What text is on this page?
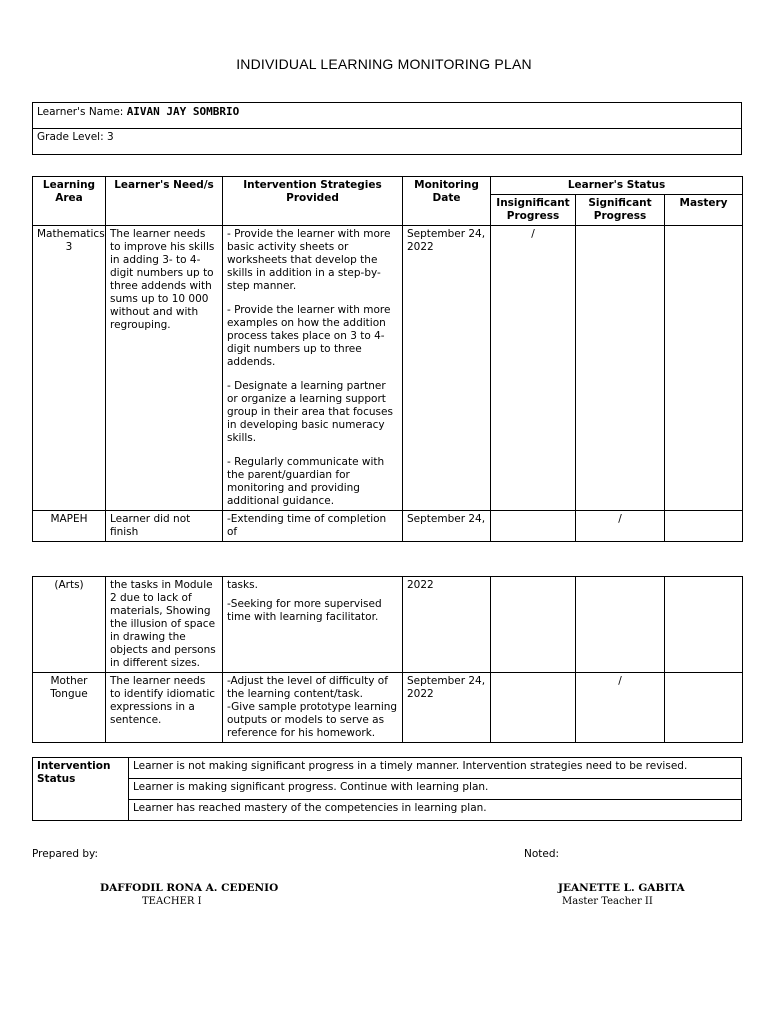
INDIVIDUAL LEARNING MONITORING PLAN
Learner's Name: AIVAN JAY SOMBRIO
Grade Level: 3
Learning Area	Learner's Need/s	Intervention Strategies Provided	Monitoring Date	Learner's Status		
				Insignificant Progress	Significant Progress	Mastery
Mathematics 3	The learner needs to improve his skills in adding 3- to 4-digit numbers up to three addends with sums up to 10 000 without and with regrouping.	- Provide the learner with more basic activity sheets or worksheets that develop the skills in addition in a step-by-step manner.

- Provide the learner with more examples on how the addition process takes place on 3 to 4-digit numbers up to three addends.

- Designate a learning partner or organize a learning support group in their area that focuses in developing basic numeracy skills.

- Regularly communicate with the parent/guardian for monitoring and providing additional guidance.	September 24, 2022	/		
MAPEH	Learner did not finish	-Extending time of completion of	September 24,		/	
(Arts)	the tasks in Module 2 due to lack of materials, Showing the illusion of space in drawing the objects and persons in different sizes.	tasks.

-Seeking for more supervised time with learning facilitator.	2022			
Mother Tongue	The learner needs to identify idiomatic expressions in a sentence.	-Adjust the level of difficulty of the learning content/task.

-Give sample prototype learning outputs or models to serve as reference for his homework.	September 24, 2022		/	
Intervention Status	Learner is not making significant progress in a timely manner. Intervention strategies need to be revised.
Learner is making significant progress. Continue with learning plan.
Learner has reached mastery of the competencies in learning plan.
Prepared by:	Noted:
DAFFODIL RONA A. CEDENIO
TEACHER I
JEANETTE L. GABITA
Master Teacher II
